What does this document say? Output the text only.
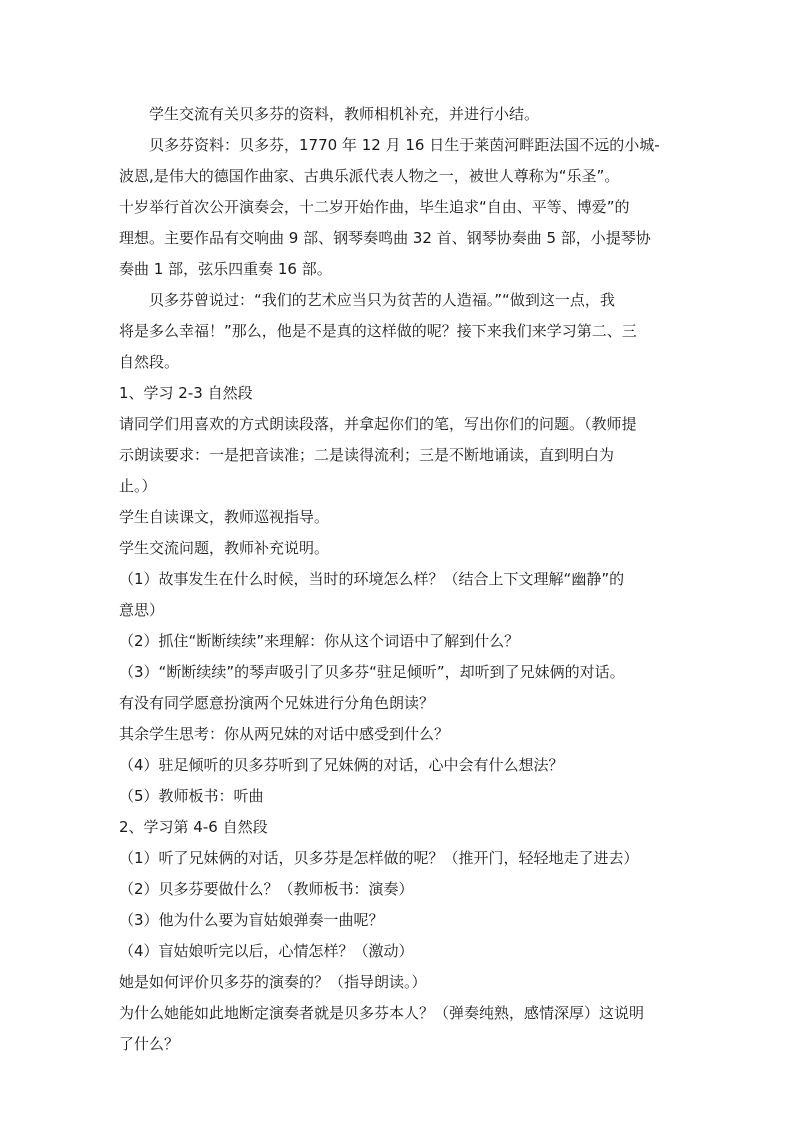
学生交流有关贝多芬的资料，教师相机补充，并进行小结。
贝多芬资料：贝多芬，1770 年 12 月 16 日生于莱茵河畔距法国不远的小城-
波恩,是伟大的德国作曲家、古典乐派代表人物之一，被世人尊称为“乐圣”。
十岁举行首次公开演奏会，十二岁开始作曲，毕生追求“自由、平等、博爱”的
理想。主要作品有交响曲 9 部、钢琴奏鸣曲 32 首、钢琴协奏曲 5 部，小提琴协
奏曲 1 部，弦乐四重奏 16 部。
贝多芬曾说过：“我们的艺术应当只为贫苦的人造福。”“做到这一点，我
将是多么幸福！”那么，他是不是真的这样做的呢？接下来我们来学习第二、三
自然段。
1、学习 2-3 自然段
请同学们用喜欢的方式朗读段落，并拿起你们的笔，写出你们的问题。（教师提
示朗读要求：一是把音读准；二是读得流利；三是不断地诵读，直到明白为
止。）
学生自读课文，教师巡视指导。
学生交流问题，教师补充说明。
（1）故事发生在什么时候，当时的环境怎么样？（结合上下文理解“幽静”的
意思）
（2）抓住“断断续续”来理解：你从这个词语中了解到什么？
（3）“断断续续”的琴声吸引了贝多芬“驻足倾听”，却听到了兄妹俩的对话。
有没有同学愿意扮演两个兄妹进行分角色朗读？
其余学生思考：你从两兄妹的对话中感受到什么？
（4）驻足倾听的贝多芬听到了兄妹俩的对话，心中会有什么想法？
（5）教师板书：听曲
2、学习第 4-6 自然段
（1）听了兄妹俩的对话，贝多芬是怎样做的呢？（推开门，轻轻地走了进去）
（2）贝多芬要做什么？（教师板书：演奏）
（3）他为什么要为盲姑娘弹奏一曲呢？
（4）盲姑娘听完以后，心情怎样？（激动）
她是如何评价贝多芬的演奏的？（指导朗读。）
为什么她能如此地断定演奏者就是贝多芬本人？（弹奏纯熟，感情深厚）这说明
了什么？
